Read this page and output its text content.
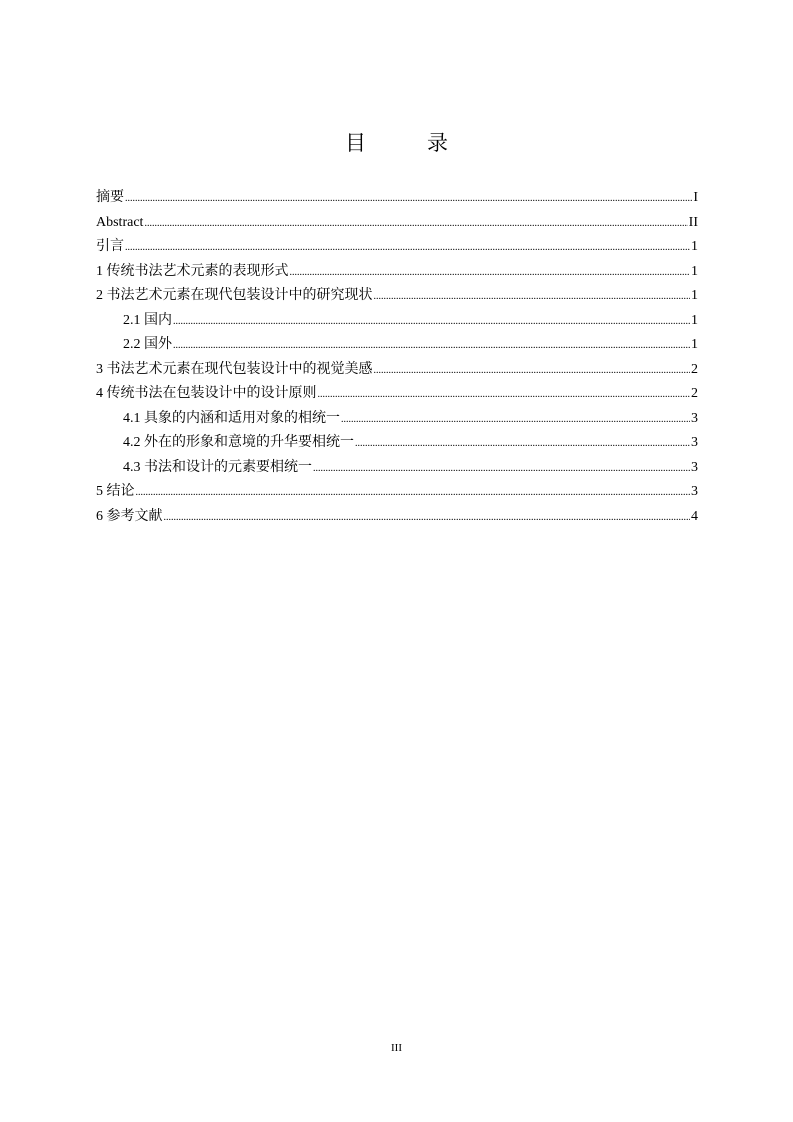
目　录
摘要 .....	I
Abstract .....	II
引言 .....	1
1 传统书法艺术元素的表现形式 .....	1
2 书法艺术元素在现代包装设计中的研究现状 .....	1
2.1 国内 .....	1
2.2 国外 .....	1
3 书法艺术元素在现代包装设计中的视觉美感 .....	2
4 传统书法在包装设计中的设计原则 .....	2
4.1 具象的内涵和适用对象的相统一 .....	3
4.2 外在的形象和意境的升华要相统一 .....	3
4.3 书法和设计的元素要相统一 .....	3
5 结论 .....	3
6 参考文献 .....	4
III
